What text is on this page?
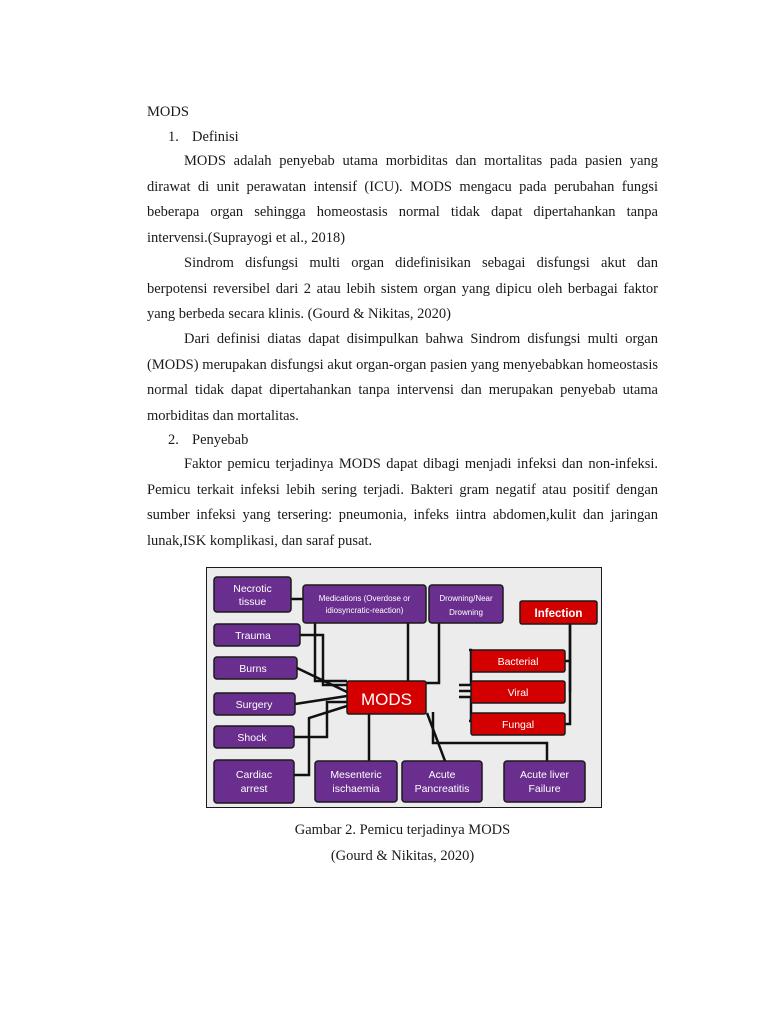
MODS
1. Definisi

MODS adalah penyebab utama morbiditas dan mortalitas pada pasien yang dirawat di unit perawatan intensif (ICU). MODS mengacu pada perubahan fungsi beberapa organ sehingga homeostasis normal tidak dapat dipertahankan tanpa intervensi.(Suprayogi et al., 2018)

Sindrom disfungsi multi organ didefinisikan sebagai disfungsi akut dan berpotensi reversibel dari 2 atau lebih sistem organ yang dipicu oleh berbagai faktor yang berbeda secara klinis. (Gourd & Nikitas, 2020)

Dari definisi diatas dapat disimpulkan bahwa Sindrom disfungsi multi organ (MODS) merupakan disfungsi akut organ-organ pasien yang menyebabkan homeostasis normal tidak dapat dipertahankan tanpa intervensi dan merupakan penyebab utama morbiditas dan mortalitas.

2. Penyebab

Faktor pemicu terjadinya MODS dapat dibagi menjadi infeksi dan non-infeksi. Pemicu terkait infeksi lebih sering terjadi. Bakteri gram negatif atau positif dengan sumber infeksi yang tersering: pneumonia, infeks iintra abdomen,kulit dan jaringan lunak,ISK komplikasi, dan saraf pusat.

Necrotic
tissue	Medications (Overdose or
idiosyncratic-reaction)
Drowning/Near
Drowning
Trauma
Burns
Surgery
Shock
Cardiac
arrest
Mesenteric
ischaemia
Acute
Pancreatitis
Acute liver
Failure
MODS
Infection
Bacterial
Viral
Fungal
Gambar 2. Pemicu terjadinya MODS
(Gourd & Nikitas, 2020)
